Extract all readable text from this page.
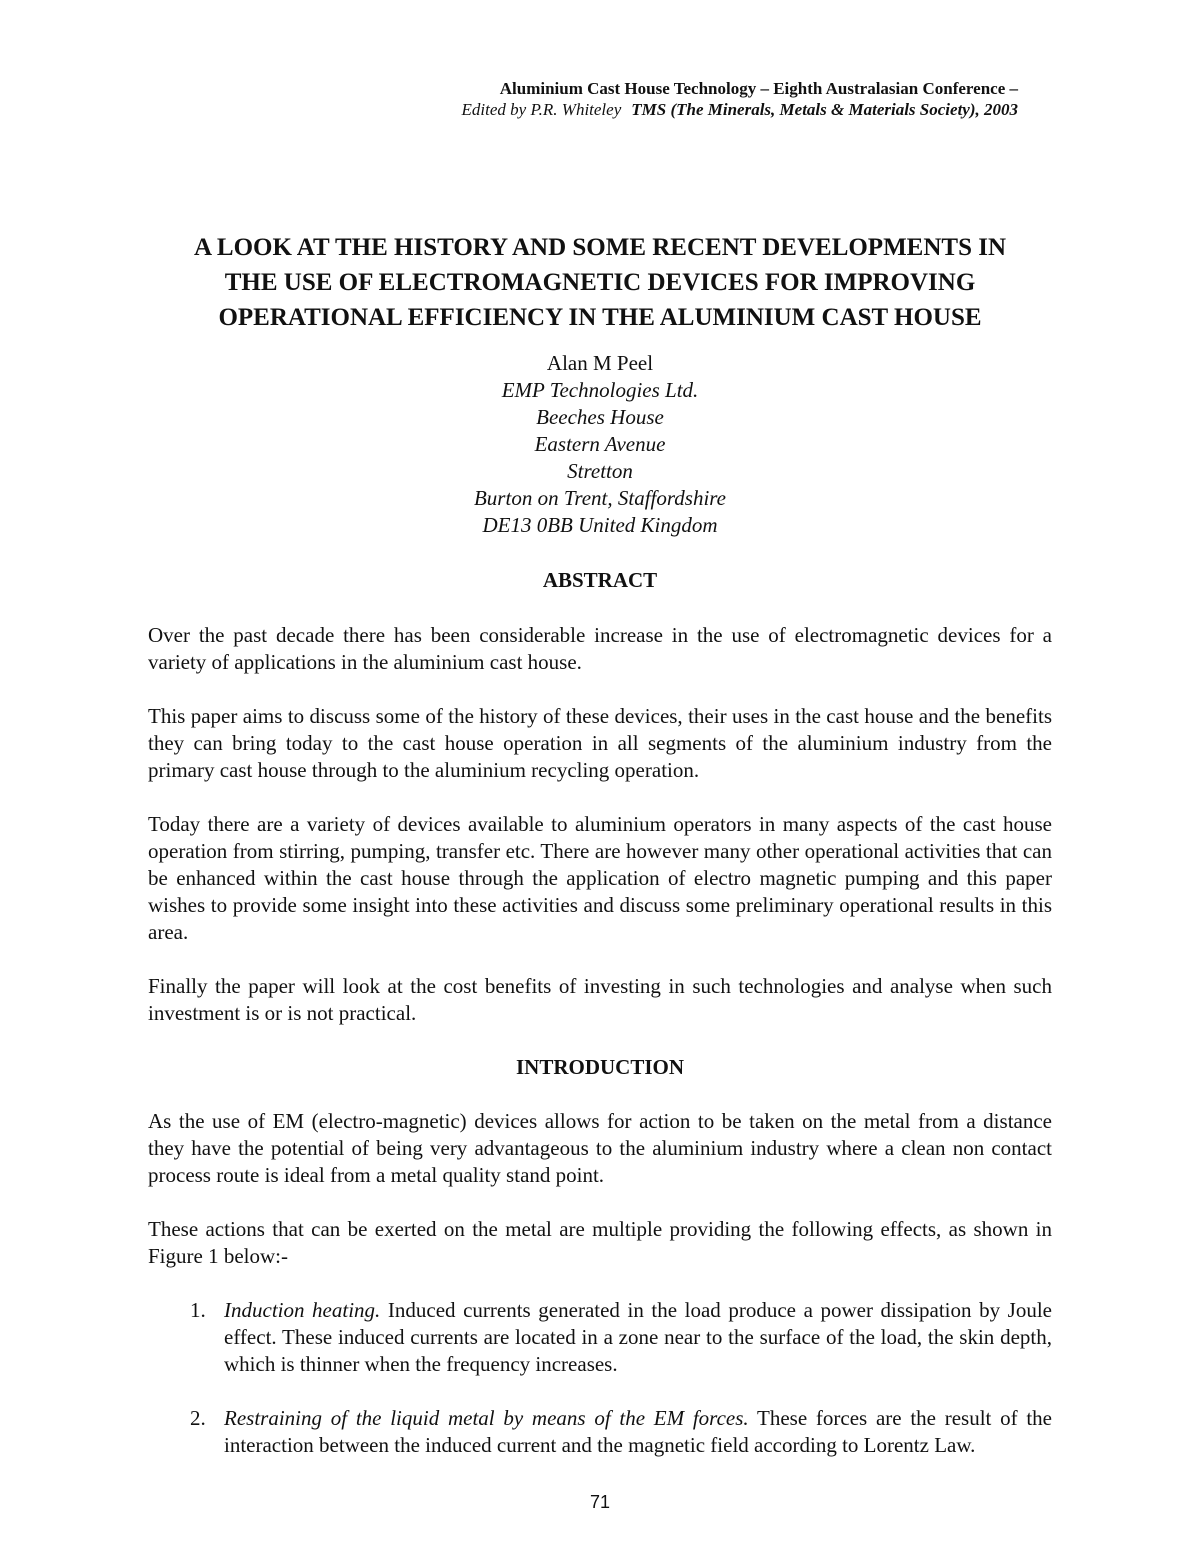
Aluminium Cast House Technology – Eighth Australasian Conference –
Edited by P.R. Whiteley TMS (The Minerals, Metals & Materials Society), 2003
A LOOK AT THE HISTORY AND SOME RECENT DEVELOPMENTS IN
THE USE OF ELECTROMAGNETIC DEVICES FOR IMPROVING
OPERATIONAL EFFICIENCY IN THE ALUMINIUM CAST HOUSE
Alan M Peel
EMP Technologies Ltd.
Beeches House
Eastern Avenue
Stretton
Burton on Trent, Staffordshire
DE13 0BB United Kingdom
ABSTRACT
Over the past decade there has been considerable increase in the use of electromagnetic devices for a variety of applications in the aluminium cast house.
This paper aims to discuss some of the history of these devices, their uses in the cast house and the benefits they can bring today to the cast house operation in all segments of the aluminium industry from the primary cast house through to the aluminium recycling operation.
Today there are a variety of devices available to aluminium operators in many aspects of the cast house operation from stirring, pumping, transfer etc. There are however many other operational activities that can be enhanced within the cast house through the application of electro magnetic pumping and this paper wishes to provide some insight into these activities and discuss some preliminary operational results in this area.
Finally the paper will look at the cost benefits of investing in such technologies and analyse when such investment is or is not practical.
INTRODUCTION
As the use of EM (electro-magnetic) devices allows for action to be taken on the metal from a distance they have the potential of being very advantageous to the aluminium industry where a clean non contact process route is ideal from a metal quality stand point.
These actions that can be exerted on the metal are multiple providing the following effects, as shown in Figure 1 below:-
1. Induction heating. Induced currents generated in the load produce a power dissipation by Joule effect. These induced currents are located in a zone near to the surface of the load, the skin depth, which is thinner when the frequency increases.
2. Restraining of the liquid metal by means of the EM forces. These forces are the result of the interaction between the induced current and the magnetic field according to Lorentz Law.
71
